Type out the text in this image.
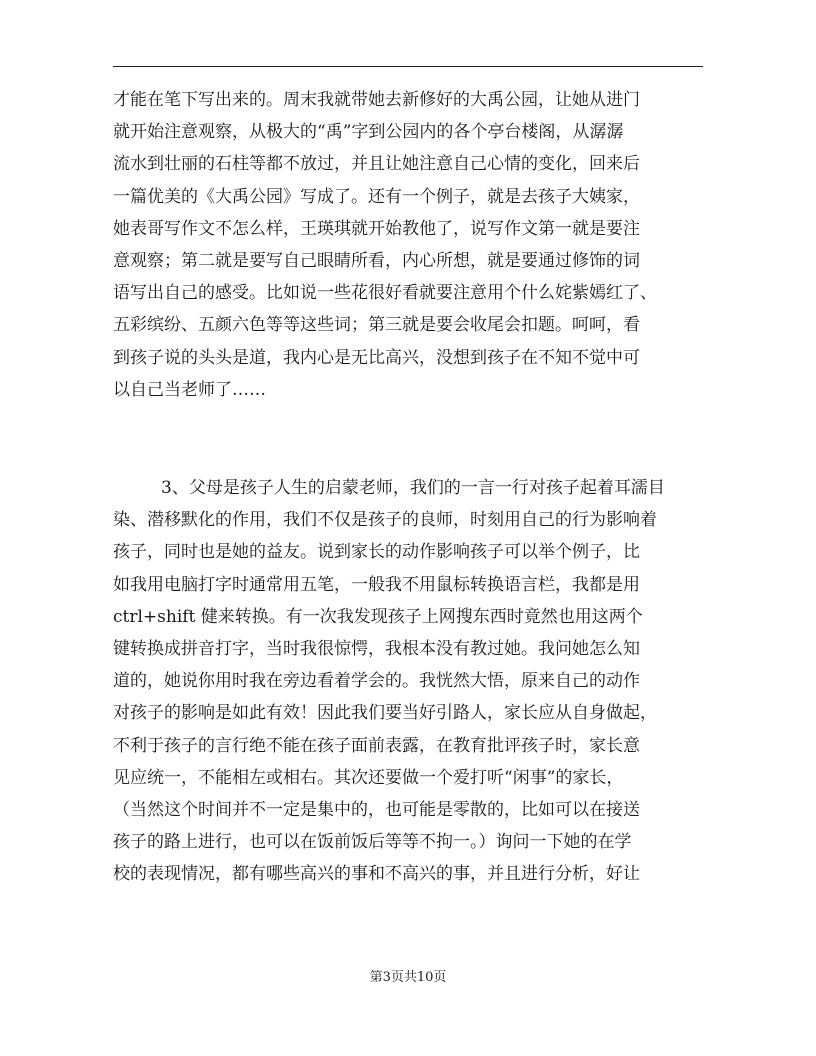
才能在笔下写出来的。周末我就带她去新修好的大禹公园，让她从进门
就开始注意观察，从极大的“禹”字到公园内的各个亭台楼阁，从潺潺
流水到壮丽的石柱等都不放过，并且让她注意自己心情的变化，回来后
一篇优美的《大禹公园》写成了。还有一个例子，就是去孩子大姨家，
她表哥写作文不怎么样，王瑛琪就开始教他了，说写作文第一就是要注
意观察；第二就是要写自己眼睛所看，内心所想，就是要通过修饰的词
语写出自己的感受。比如说一些花很好看就要注意用个什么姹紫嫣红了、
五彩缤纷、五颜六色等等这些词；第三就是要会收尾会扣题。呵呵，看
到孩子说的头头是道，我内心是无比高兴，没想到孩子在不知不觉中可
以自己当老师了……
3、父母是孩子人生的启蒙老师，我们的一言一行对孩子起着耳濡目
染、潜移默化的作用，我们不仅是孩子的良师，时刻用自己的行为影响着
孩子，同时也是她的益友。说到家长的动作影响孩子可以举个例子，比
如我用电脑打字时通常用五笔，一般我不用鼠标转换语言栏，我都是用
ctrl+shift 健来转换。有一次我发现孩子上网搜东西时竟然也用这两个
键转换成拼音打字，当时我很惊愕，我根本没有教过她。我问她怎么知
道的，她说你用时我在旁边看着学会的。我恍然大悟，原来自己的动作
对孩子的影响是如此有效！因此我们要当好引路人，家长应从自身做起，
不利于孩子的言行绝不能在孩子面前表露，在教育批评孩子时，家长意
见应统一，不能相左或相右。其次还要做一个爱打听“闲事”的家长，
（当然这个时间并不一定是集中的，也可能是零散的，比如可以在接送
孩子的路上进行，也可以在饭前饭后等等不拘一。）询问一下她的在学
校的表现情况，都有哪些高兴的事和不高兴的事，并且进行分析，好让
第3页共10页
